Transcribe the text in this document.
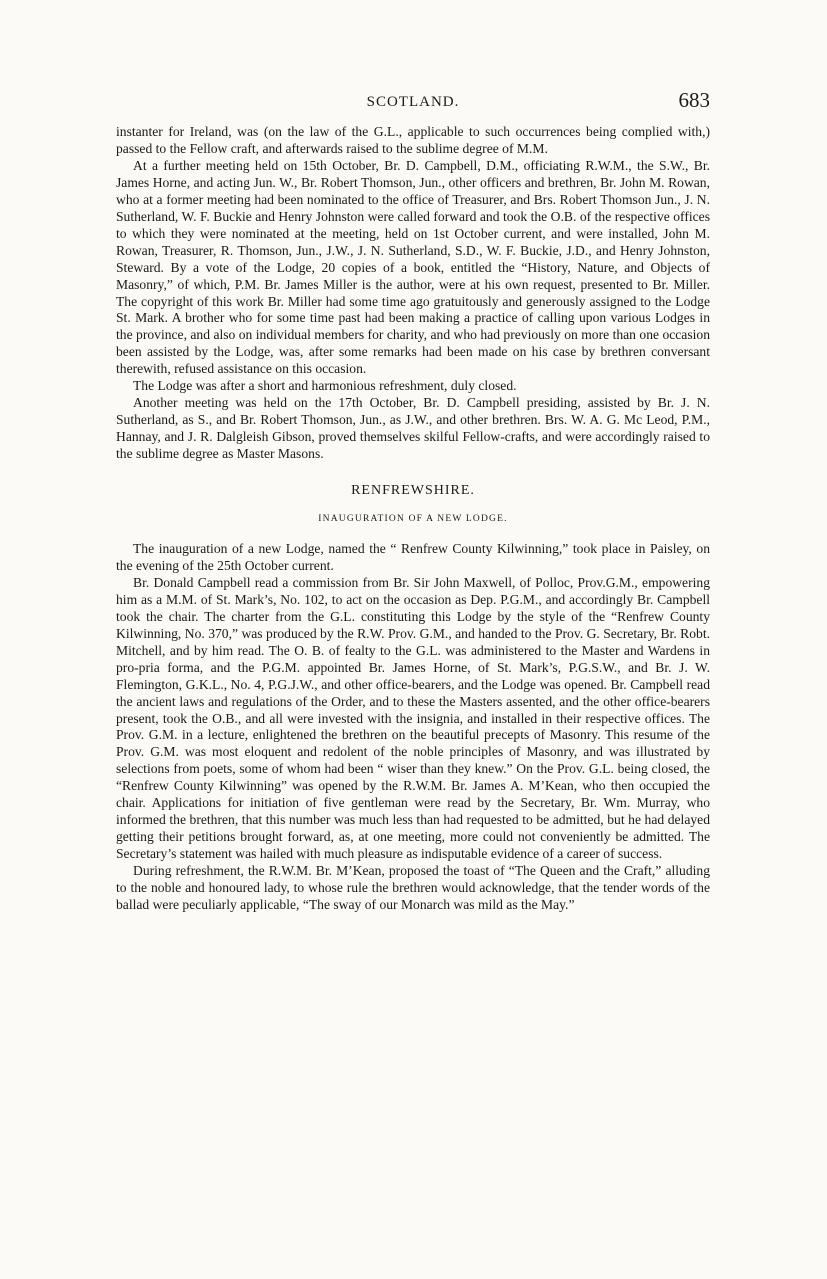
SCOTLAND.	683

instanter for Ireland, was (on the law of the G.L., applicable to such occurrences being complied with,) passed to the Fellow craft, and afterwards raised to the sublime degree of M.M.

At a further meeting held on 15th October, Br. D. Campbell, D.M., officiating R.W.M., the S.W., Br. James Horne, and acting Jun. W., Br. Robert Thomson, Jun., other officers and brethren, Br. John M. Rowan, who at a former meeting had been nominated to the office of Treasurer, and Brs. Robert Thomson Jun., J. N. Sutherland, W. F. Buckie and Henry Johnston were called forward and took the O.B. of the respective offices to which they were nominated at the meeting, held on 1st October current, and were installed, John M. Rowan, Treasurer, R. Thomson, Jun., J.W., J. N. Sutherland, S.D., W. F. Buckie, J.D., and Henry Johnston, Steward. By a vote of the Lodge, 20 copies of a book, entitled the “History, Nature, and Objects of Masonry,” of which, P.M. Br. James Miller is the author, were at his own request, presented to Br. Miller. The copyright of this work Br. Miller had some time ago gratuitously and generously assigned to the Lodge St. Mark. A brother who for some time past had been making a practice of calling upon various Lodges in the province, and also on individual members for charity, and who had previously on more than one occasion been assisted by the Lodge, was, after some remarks had been made on his case by brethren conversant therewith, refused assistance on this occasion.

The Lodge was after a short and harmonious refreshment, duly closed.

Another meeting was held on the 17th October, Br. D. Campbell presiding, assisted by Br. J. N. Sutherland, as S., and Br. Robert Thomson, Jun., as J.W., and other brethren. Brs. W. A. G. Mc Leod, P.M., Hannay, and J. R. Dalgleish Gibson, proved themselves skilful Fellow-crafts, and were accordingly raised to the sublime degree as Master Masons.

RENFREWSHIRE.
INAUGURATION OF A NEW LODGE.

The inauguration of a new Lodge, named the “ Renfrew County Kilwinning,” took place in Paisley, on the evening of the 25th October current.

Br. Donald Campbell read a commission from Br. Sir John Maxwell, of Polloc, Prov.G.M., empowering him as a M.M. of St. Mark’s, No. 102, to act on the occasion as Dep. P.G.M., and accordingly Br. Campbell took the chair. The charter from the G.L. constituting this Lodge by the style of the “Renfrew County Kilwinning, No. 370,” was produced by the R.W. Prov. G.M., and handed to the Prov. G. Secretary, Br. Robt. Mitchell, and by him read. The O. B. of fealty to the G.L. was administered to the Master and Wardens in pro-pria forma, and the P.G.M. appointed Br. James Horne, of St. Mark’s, P.G.S.W., and Br. J. W. Flemington, G.K.L., No. 4, P.G.J.W., and other office-bearers, and the Lodge was opened. Br. Campbell read the ancient laws and regulations of the Order, and to these the Masters assented, and the other office-bearers present, took the O.B., and all were invested with the insignia, and installed in their respective offices. The Prov. G.M. in a lecture, enlightened the brethren on the beautiful precepts of Masonry. This resume of the Prov. G.M. was most eloquent and redolent of the noble principles of Masonry, and was illustrated by selections from poets, some of whom had been “ wiser than they knew.” On the Prov. G.L. being closed, the “Renfrew County Kilwinning” was opened by the R.W.M. Br. James A. M’Kean, who then occupied the chair. Applications for initiation of five gentleman were read by the Secretary, Br. Wm. Murray, who informed the brethren, that this number was much less than had requested to be admitted, but he had delayed getting their petitions brought forward, as, at one meeting, more could not conveniently be admitted. The Secretary’s statement was hailed with much pleasure as indisputable evidence of a career of success.

During refreshment, the R.W.M. Br. M’Kean, proposed the toast of “The Queen and the Craft,” alluding to the noble and honoured lady, to whose rule the brethren would acknowledge, that the tender words of the ballad were peculiarly applicable, “The sway of our Monarch was mild as the May.”
